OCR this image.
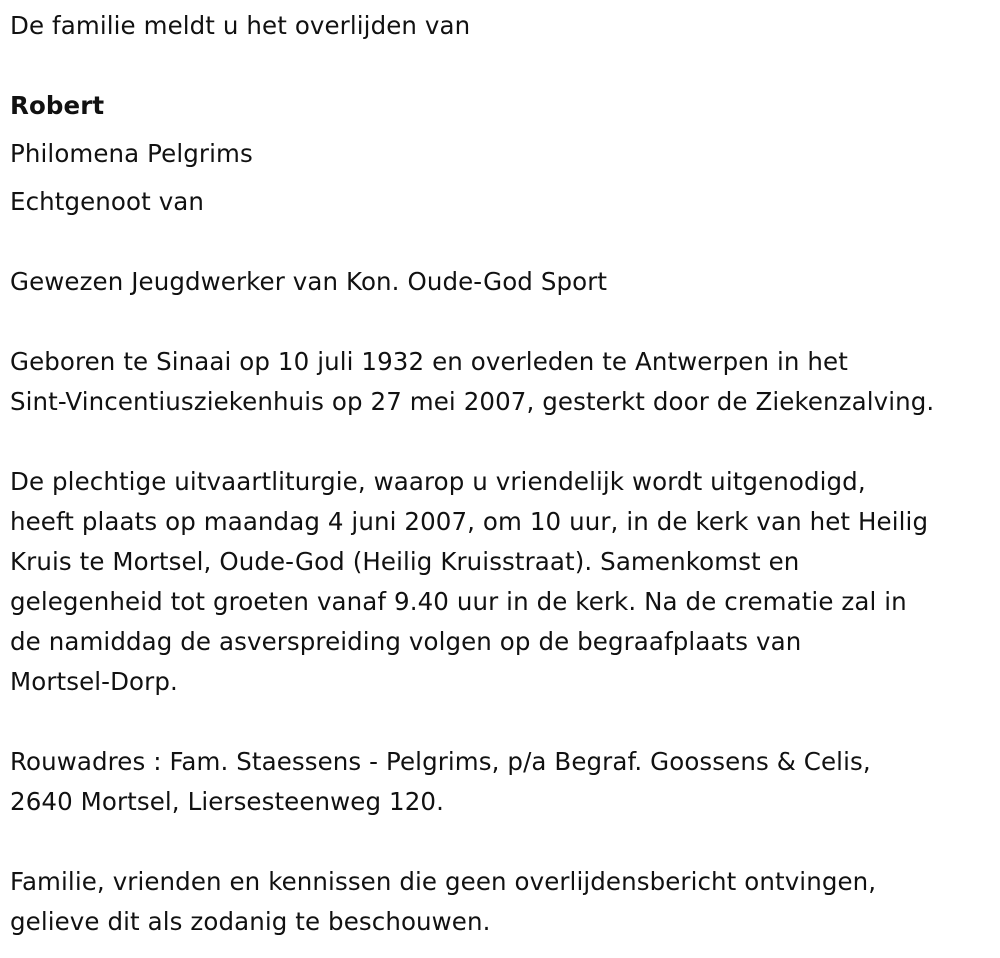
De familie meldt u het overlijden van
Robert
Philomena Pelgrims
Echtgenoot van
Gewezen Jeugdwerker van Kon. Oude-God Sport
Geboren te Sinaai op 10 juli 1932 en overleden te Antwerpen in het
Sint-Vincentiusziekenhuis op 27 mei 2007, gesterkt door de Ziekenzalving.
De plechtige uitvaartliturgie, waarop u vriendelijk wordt uitgenodigd,
heeft plaats op maandag 4 juni 2007, om 10 uur, in de kerk van het Heilig
Kruis te Mortsel, Oude-God (Heilig Kruisstraat). Samenkomst en
gelegenheid tot groeten vanaf 9.40 uur in de kerk. Na de crematie zal in
de namiddag de asverspreiding volgen op de begraafplaats van
Mortsel-Dorp.
Rouwadres : Fam. Staessens - Pelgrims, p/a Begraf. Goossens & Celis,
2640 Mortsel, Liersesteenweg 120.
Familie, vrienden en kennissen die geen overlijdensbericht ontvingen,
gelieve dit als zodanig te beschouwen.
